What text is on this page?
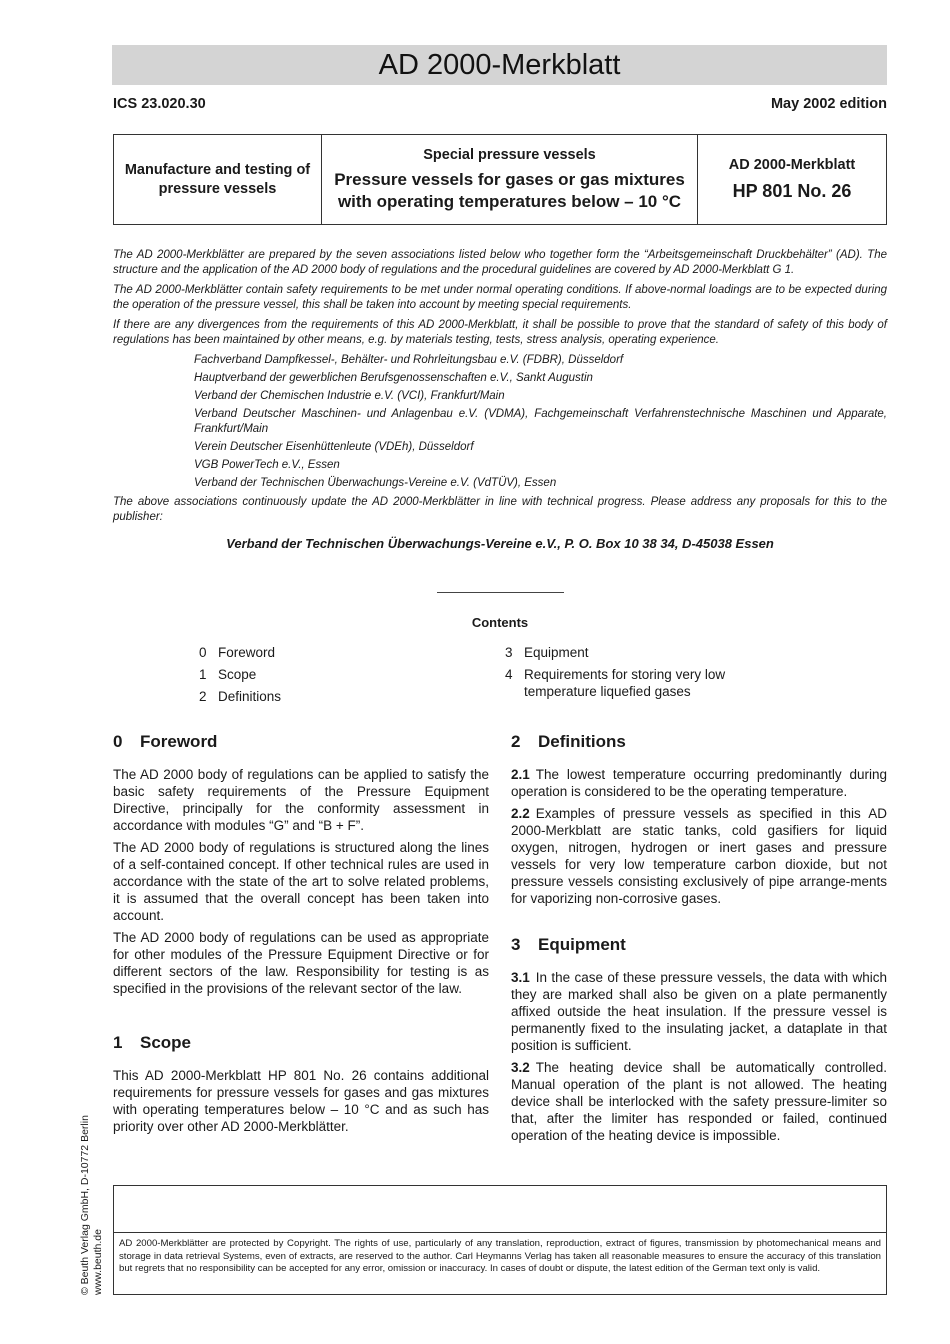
AD 2000-Merkblatt
ICS 23.020.30	May 2002 edition
Manufacture and testing of pressure vessels
Special pressure vessels
Pressure vessels for gases or gas mixtures with operating temperatures below – 10 °C
AD 2000-Merkblatt
HP 801 No. 26

The AD 2000-Merkblätter are prepared by the seven associations listed below who together form the “Arbeitsgemeinschaft Druckbehälter” (AD). The structure and the application of the AD 2000 body of regulations and the procedural guidelines are covered by AD 2000-Merkblatt G 1.

The AD 2000-Merkblätter contain safety requirements to be met under normal operating conditions. If above-normal loadings are to be expected during the operation of the pressure vessel, this shall be taken into account by meeting special requirements.

If there are any divergences from the requirements of this AD 2000-Merkblatt, it shall be possible to prove that the standard of safety of this body of regulations has been maintained by other means, e.g. by materials testing, tests, stress analysis, operating experience.

Fachverband Dampfkessel-, Behälter- und Rohrleitungsbau e.V. (FDBR), Düsseldorf
Hauptverband der gewerblichen Berufsgenossenschaften e.V., Sankt Augustin
Verband der Chemischen Industrie e.V. (VCI), Frankfurt/Main
Verband Deutscher Maschinen- und Anlagenbau e.V. (VDMA), Fachgemeinschaft Verfahrenstechnische Maschinen und Apparate, Frankfurt/Main
Verein Deutscher Eisenhüttenleute (VDEh), Düsseldorf
VGB PowerTech e.V., Essen
Verband der Technischen Überwachungs-Vereine e.V. (VdTÜV), Essen

The above associations continuously update the AD 2000-Merkblätter in line with technical progress. Please address any proposals for this to the publisher:

Verband der Technischen Überwachungs-Vereine e.V., P. O. Box 10 38 34, D-45038 Essen
Contents
0 Foreword
1 Scope
2 Definitions
3 Equipment
4 Requirements for storing very low temperature liquefied gases
0	Foreword

The AD 2000 body of regulations can be applied to satisfy the basic safety requirements of the Pressure Equipment Directive, principally for the conformity assessment in accordance with modules “G” and “B + F”.

The AD 2000 body of regulations is structured along the lines of a self-contained concept. If other technical rules are used in accordance with the state of the art to solve related problems, it is assumed that the overall concept has been taken into account.

The AD 2000 body of regulations can be used as appropriate for other modules of the Pressure Equipment Directive or for different sectors of the law. Responsibility for testing is as specified in the provisions of the relevant sector of the law.

1	Scope

This AD 2000-Merkblatt HP 801 No. 26 contains additional requirements for pressure vessels for gases and gas mixtures with operating temperatures below – 10 °C and as such has priority over other AD 2000-Merkblätter.

2	Definitions

2.1 The lowest temperature occurring predominantly during operation is considered to be the operating temperature.

2.2 Examples of pressure vessels as specified in this AD 2000-Merkblatt are static tanks, cold gasifiers for liquid oxygen, nitrogen, hydrogen or inert gases and pressure vessels for very low temperature carbon dioxide, but not pressure vessels consisting exclusively of pipe arrange-ments for vaporizing non-corrosive gases.

3	Equipment

3.1 In the case of these pressure vessels, the data with which they are marked shall also be given on a plate permanently affixed outside the heat insulation. If the pressure vessel is permanently fixed to the insulating jacket, a dataplate in that position is sufficient.

3.2 The heating device shall be automatically controlled. Manual operation of the plant is not allowed. The heating device shall be interlocked with the safety pressure-limiter so that, after the limiter has responded or failed, continued operation of the heating device is impossible.

AD 2000-Merkblätter are protected by Copyright. The rights of use, particularly of any translation, reproduction, extract of figures, transmission by photomechanical means and storage in data retrieval Systems, even of extracts, are reserved to the author. Carl Heymanns Verlag has taken all reasonable measures to ensure the accuracy of this translation but regrets that no responsibility can be accepted for any error, omission or inaccuracy. In cases of doubt or dispute, the latest edition of the German text only is valid.
© Beuth Verlag GmbH, D-10772 Berlin www.beuth.de
